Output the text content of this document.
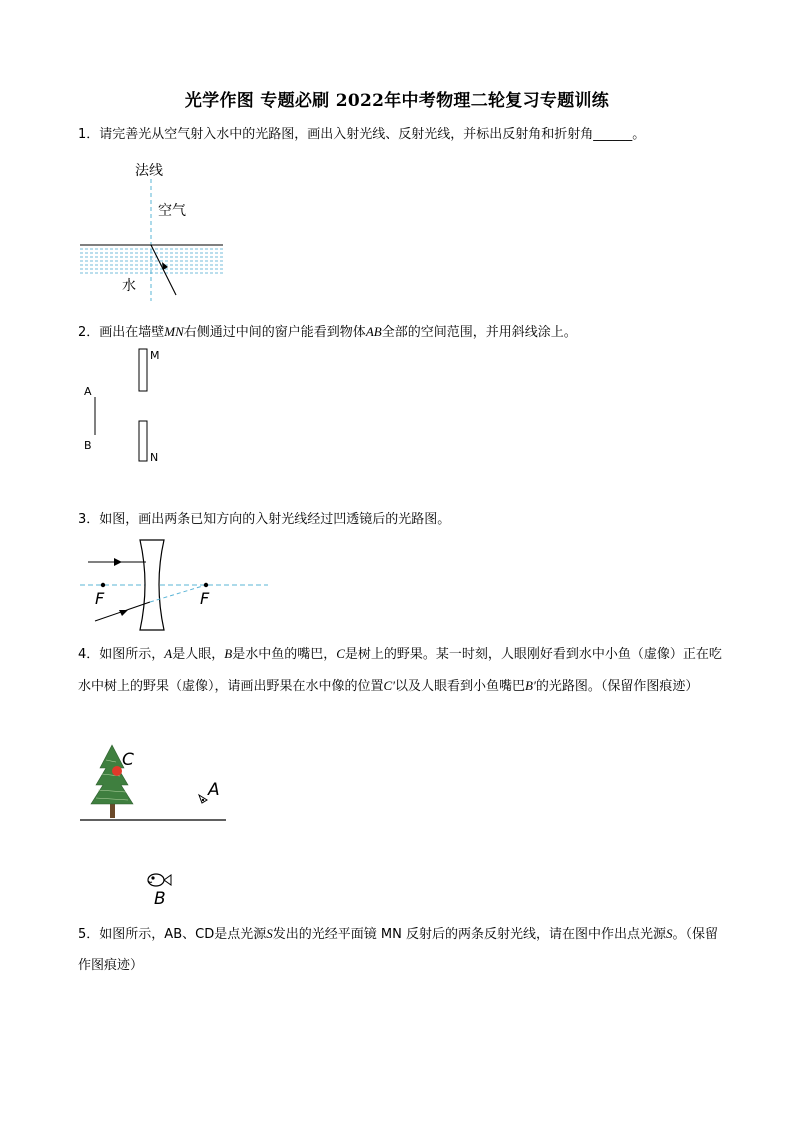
光学作图 专题必刷 2022年中考物理二轮复习专题训练
1．请完善光从空气射入水中的光路图，画出入射光线、反射光线，并标出反射角和折射角______。
法线
空气
水
2．画出在墙壁MN右侧通过中间的窗户能看到物体AB全部的空间范围，并用斜线涂上。
M
N
A
B
3．如图，画出两条已知方向的入射光线经过凹透镜后的光路图。
F	F
4．如图所示，A是人眼，B是水中鱼的嘴巴，C是树上的野果。某一时刻，人眼刚好看到水中小鱼（虚像）正在吃水中树上的野果（虚像），请画出野果在水中像的位置C′以及人眼看到小鱼嘴巴B′的光路图。（保留作图痕迹）
C
A
B
5．如图所示，AB、CD是点光源S发出的光经平面镜 MN 反射后的两条反射光线，请在图中作出点光源S。（保留作图痕迹）
